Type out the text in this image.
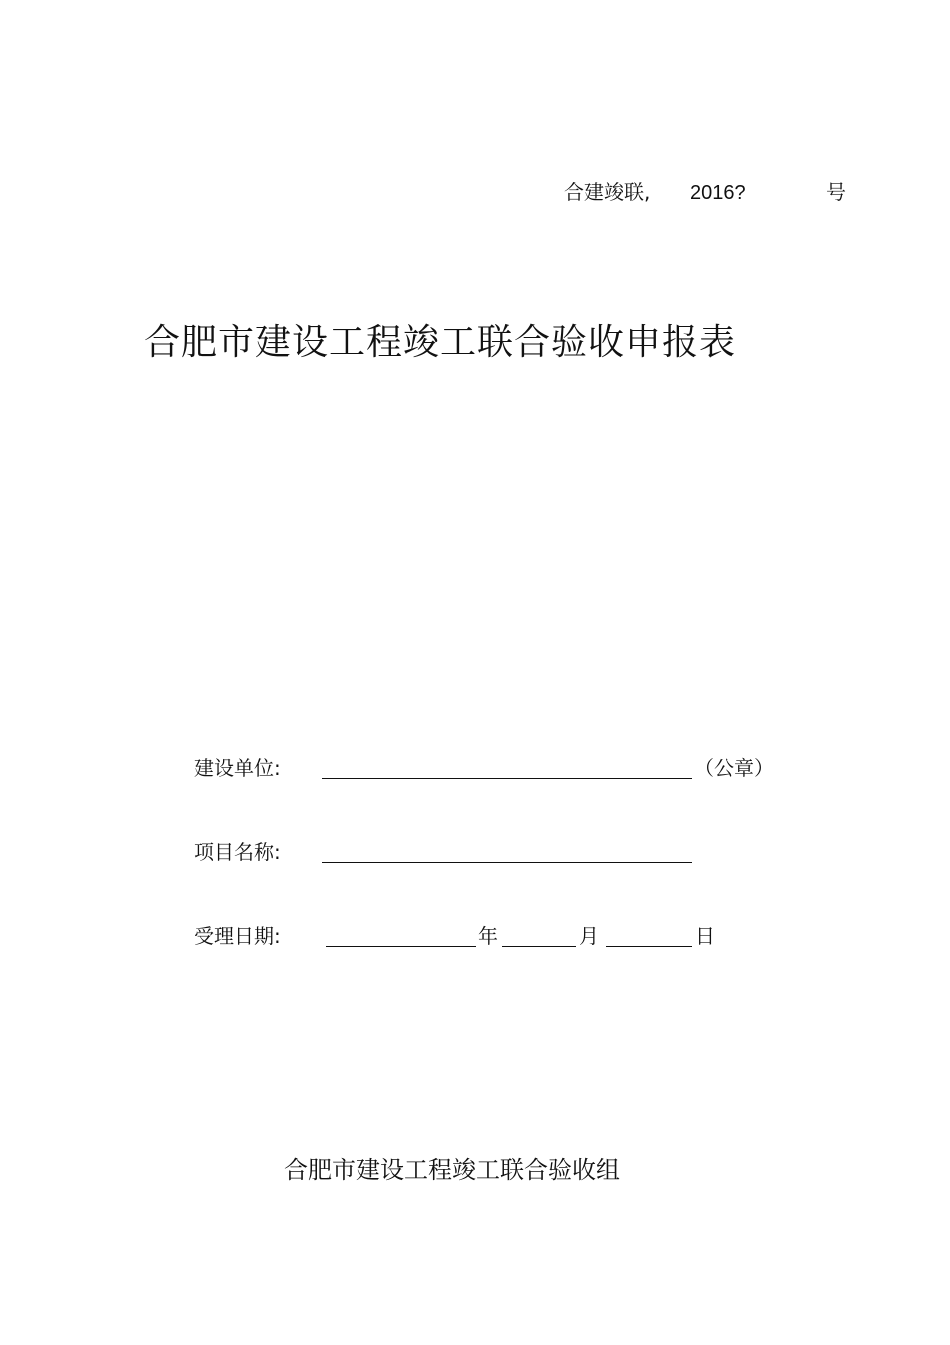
合建竣联, 2016?	号
合肥市建设工程竣工联合验收申报表
建设单位:	（公章）
项目名称:
受理日期:	年	月	日
合肥市建设工程竣工联合验收组
